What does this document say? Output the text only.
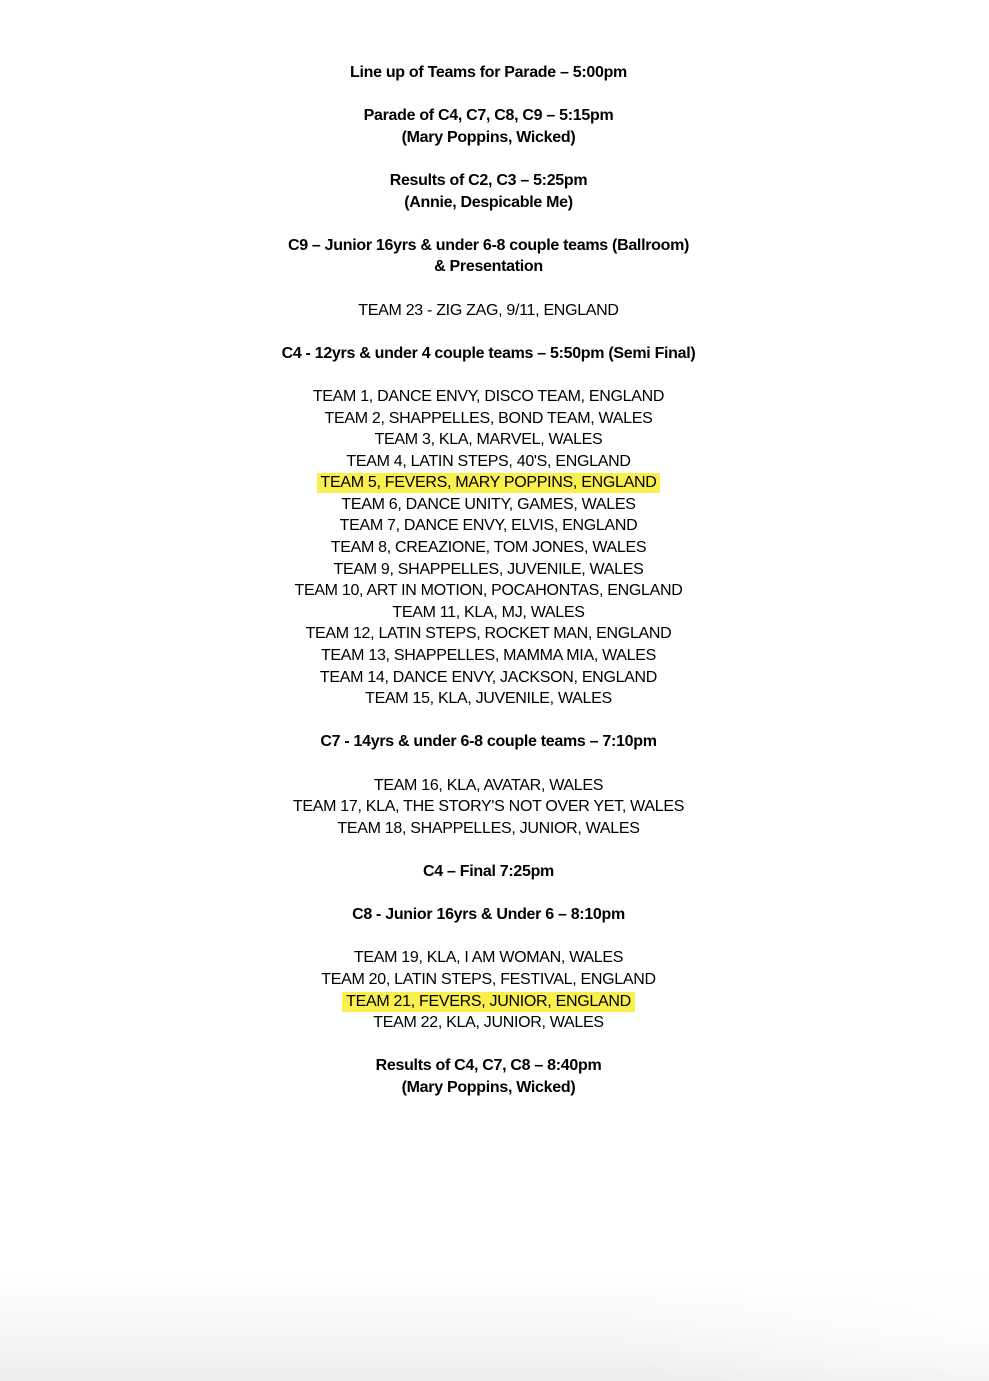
Line up of Teams for Parade – 5:00pm
Parade of C4, C7, C8, C9 – 5:15pm
(Mary Poppins, Wicked)
Results of C2, C3 – 5:25pm
(Annie, Despicable Me)
C9 – Junior 16yrs & under 6-8 couple teams (Ballroom)
& Presentation
TEAM 23 - ZIG ZAG, 9/11, ENGLAND
C4 - 12yrs & under 4 couple teams – 5:50pm (Semi Final)
TEAM 1, DANCE ENVY, DISCO TEAM, ENGLAND
TEAM 2, SHAPPELLES, BOND TEAM, WALES
TEAM 3, KLA, MARVEL, WALES
TEAM 4, LATIN STEPS, 40'S, ENGLAND
TEAM 5, FEVERS, MARY POPPINS, ENGLAND
TEAM 6, DANCE UNITY, GAMES, WALES
TEAM 7, DANCE ENVY, ELVIS, ENGLAND
TEAM 8, CREAZIONE, TOM JONES, WALES
TEAM 9, SHAPPELLES, JUVENILE, WALES
TEAM 10, ART IN MOTION, POCAHONTAS, ENGLAND
TEAM 11, KLA, MJ, WALES
TEAM 12, LATIN STEPS, ROCKET MAN, ENGLAND
TEAM 13, SHAPPELLES, MAMMA MIA, WALES
TEAM 14, DANCE ENVY, JACKSON, ENGLAND
TEAM 15, KLA, JUVENILE, WALES
C7 - 14yrs & under 6-8 couple teams – 7:10pm
TEAM 16, KLA, AVATAR, WALES
TEAM 17, KLA, THE STORY'S NOT OVER YET, WALES
TEAM 18, SHAPPELLES, JUNIOR, WALES
C4 – Final 7:25pm
C8 - Junior 16yrs & Under 6 – 8:10pm
TEAM 19, KLA, I AM WOMAN, WALES
TEAM 20, LATIN STEPS, FESTIVAL, ENGLAND
TEAM 21, FEVERS, JUNIOR, ENGLAND
TEAM 22, KLA, JUNIOR, WALES
Results of C4, C7, C8 – 8:40pm
(Mary Poppins, Wicked)
